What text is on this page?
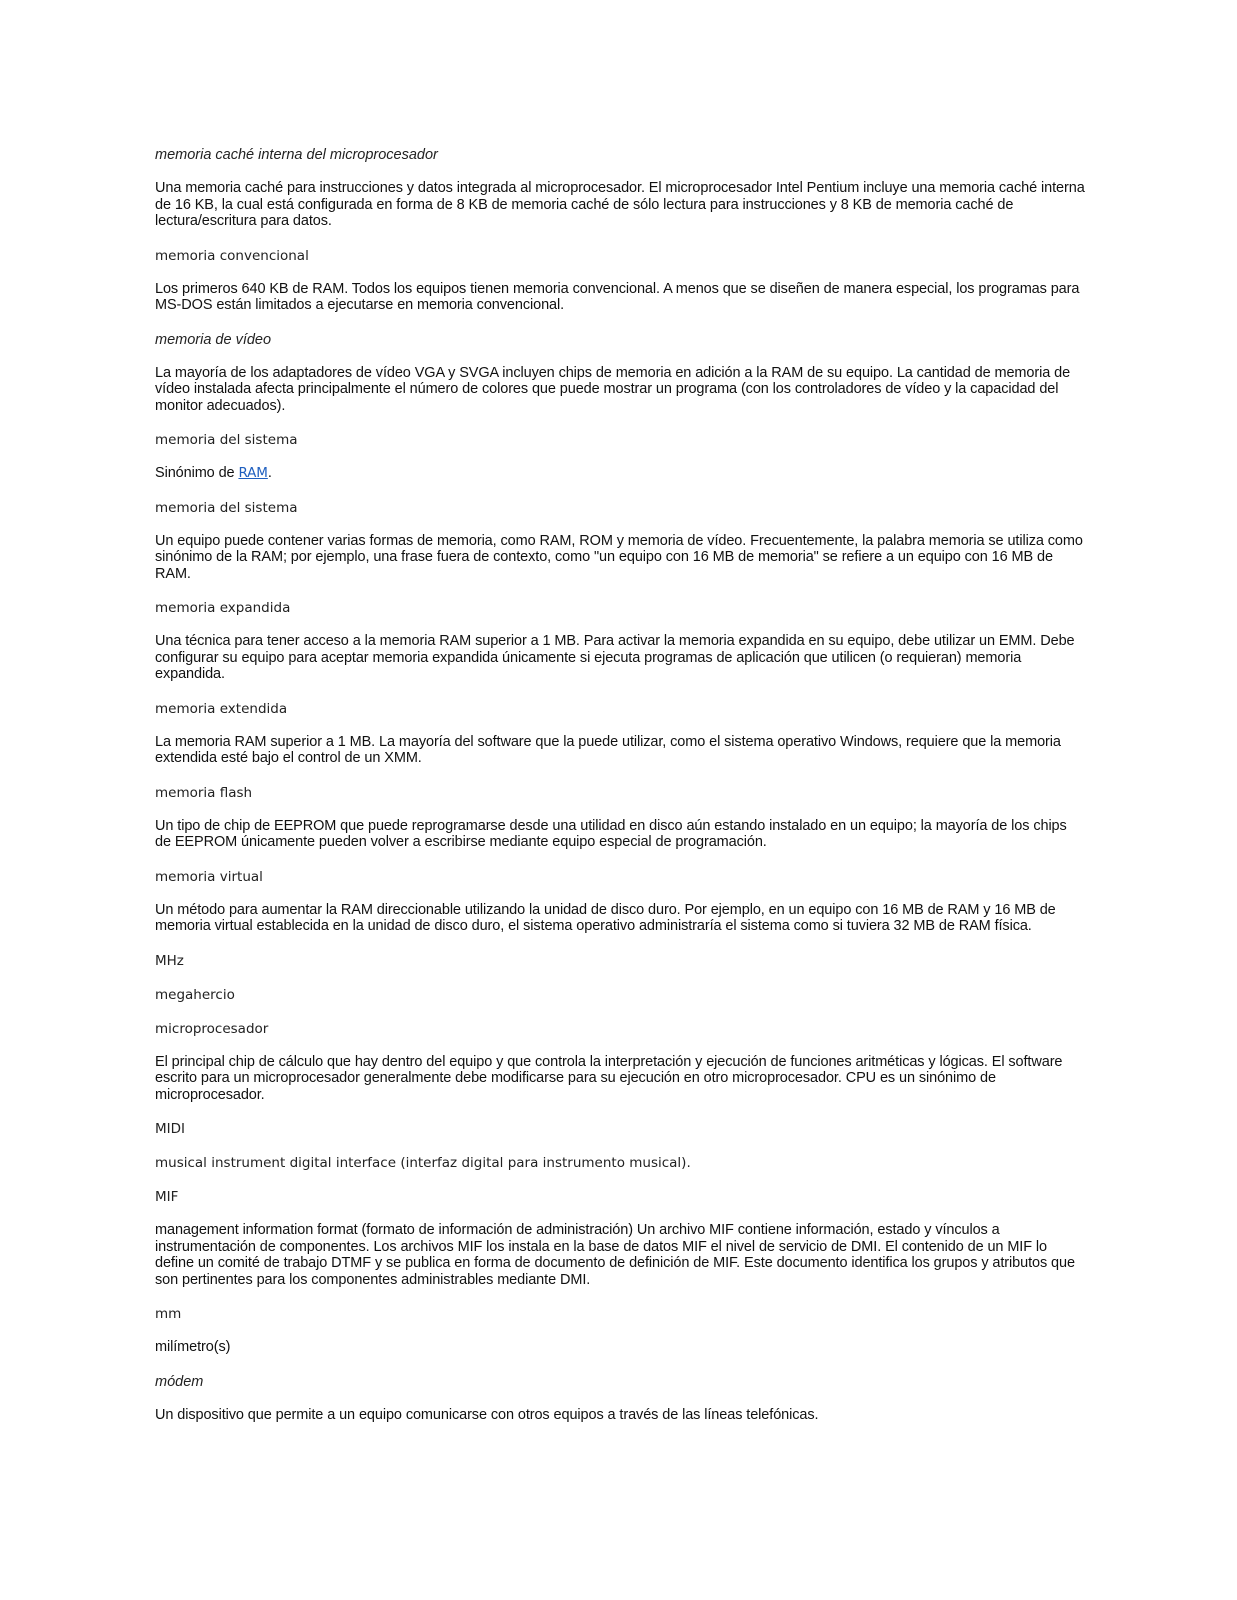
memoria caché interna del microprocesador
Una memoria caché para instrucciones y datos integrada al microprocesador. El microprocesador Intel Pentium incluye una memoria caché interna de 16 KB, la cual está configurada en forma de 8 KB de memoria caché de sólo lectura para instrucciones y 8 KB de memoria caché de lectura/escritura para datos.
memoria convencional
Los primeros 640 KB de RAM. Todos los equipos tienen memoria convencional. A menos que se diseñen de manera especial, los programas para MS-DOS están limitados a ejecutarse en memoria convencional.
memoria de vídeo
La mayoría de los adaptadores de vídeo VGA y SVGA incluyen chips de memoria en adición a la RAM de su equipo. La cantidad de memoria de vídeo instalada afecta principalmente el número de colores que puede mostrar un programa (con los controladores de vídeo y la capacidad del monitor adecuados).
memoria del sistema
Sinónimo de RAM.
memoria del sistema
Un equipo puede contener varias formas de memoria, como RAM, ROM y memoria de vídeo. Frecuentemente, la palabra memoria se utiliza como sinónimo de la RAM; por ejemplo, una frase fuera de contexto, como "un equipo con 16 MB de memoria" se refiere a un equipo con 16 MB de RAM.
memoria expandida
Una técnica para tener acceso a la memoria RAM superior a 1 MB. Para activar la memoria expandida en su equipo, debe utilizar un EMM. Debe configurar su equipo para aceptar memoria expandida únicamente si ejecuta programas de aplicación que utilicen (o requieran) memoria expandida.
memoria extendida
La memoria RAM superior a 1 MB. La mayoría del software que la puede utilizar, como el sistema operativo Windows, requiere que la memoria extendida esté bajo el control de un XMM.
memoria flash
Un tipo de chip de EEPROM que puede reprogramarse desde una utilidad en disco aún estando instalado en un equipo; la mayoría de los chips de EEPROM únicamente pueden volver a escribirse mediante equipo especial de programación.
memoria virtual
Un método para aumentar la RAM direccionable utilizando la unidad de disco duro. Por ejemplo, en un equipo con 16 MB de RAM y 16 MB de memoria virtual establecida en la unidad de disco duro, el sistema operativo administraría el sistema como si tuviera 32 MB de RAM física.
MHz
megahercio
microprocesador
El principal chip de cálculo que hay dentro del equipo y que controla la interpretación y ejecución de funciones aritméticas y lógicas. El software escrito para un microprocesador generalmente debe modificarse para su ejecución en otro microprocesador. CPU es un sinónimo de microprocesador.
MIDI
musical instrument digital interface (interfaz digital para instrumento musical).
MIF
management information format (formato de información de administración) Un archivo MIF contiene información, estado y vínculos a instrumentación de componentes. Los archivos MIF los instala en la base de datos MIF el nivel de servicio de DMI. El contenido de un MIF lo define un comité de trabajo DTMF y se publica en forma de documento de definición de MIF. Este documento identifica los grupos y atributos que son pertinentes para los componentes administrables mediante DMI.
mm
milímetro(s)
módem
Un dispositivo que permite a un equipo comunicarse con otros equipos a través de las líneas telefónicas.
